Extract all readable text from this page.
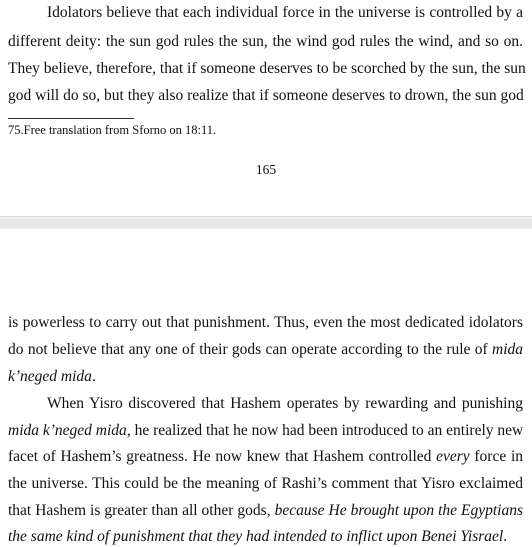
Idolators believe that each individual force in the universe is controlled by a
different deity: the sun god rules the sun, the wind god rules the wind, and so on.
They believe, therefore, that if someone deserves to be scorched by the sun, the sun
god will do so, but they also realize that if someone deserves to drown, the sun god
75.Free translation from Sforno on 18:11.
165
is powerless to carry out that punishment. Thus, even the most dedicated idolators
do not believe that any one of their gods can operate according to the rule of mida
k’neged mida.
When Yisro discovered that Hashem operates by rewarding and punishing
mida k’neged mida, he realized that he now had been introduced to an entirely new
facet of Hashem’s greatness. He now knew that Hashem controlled every force in
the universe. This could be the meaning of Rashi’s comment that Yisro exclaimed
that Hashem is greater than all other gods, because He brought upon the Egyptians
the same kind of punishment that they had intended to inflict upon Benei Yisrael.
